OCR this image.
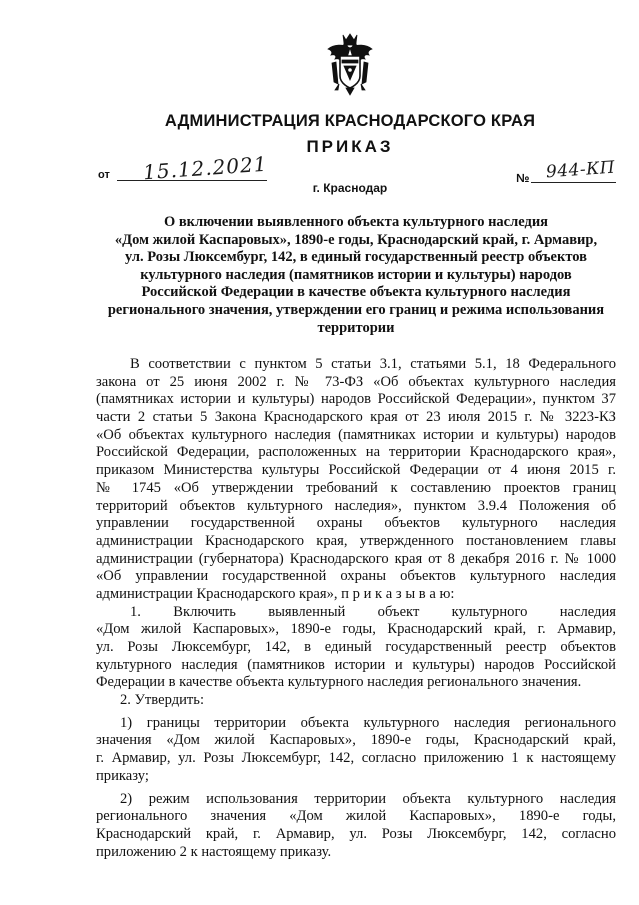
АДМИНИСТРАЦИЯ КРАСНОДАРСКОГО КРАЯ
ПРИКАЗ
от 15.12.2021	№ 944-КП
г. Краснодар
О включении выявленного объекта культурного наследия
«Дом жилой Каспаровых», 1890-е годы, Краснодарский край, г. Армавир,
ул. Розы Люксембург, 142, в единый государственный реестр объектов
культурного наследия (памятников истории и культуры) народов
Российской Федерации в качестве объекта культурного наследия
регионального значения, утверждении его границ и режима использования
территории
В соответствии с пунктом 5 статьи 3.1, статьями 5.1, 18 Федерального
закона от 25 июня 2002 г. № 73-ФЗ «Об объектах культурного наследия
(памятниках истории и культуры) народов Российской Федерации», пунктом 37
части 2 статьи 5 Закона Краснодарского края от 23 июля 2015 г. № 3223-КЗ
«Об объектах культурного наследия (памятниках истории и культуры) народов
Российской Федерации, расположенных на территории Краснодарского края»,
приказом Министерства культуры Российской Федерации от 4 июня 2015 г.
№ 1745 «Об утверждении требований к составлению проектов границ
территорий объектов культурного наследия», пунктом 3.9.4 Положения об
управлении государственной охраны объектов культурного наследия
администрации Краснодарского края, утвержденного постановлением главы
администрации (губернатора) Краснодарского края от 8 декабря 2016 г. № 1000
«Об управлении государственной охраны объектов культурного наследия
администрации Краснодарского края», п р и к а з ы в а ю:
1. Включить выявленный объект культурного наследия
«Дом жилой Каспаровых», 1890-е годы, Краснодарский край, г. Армавир,
ул. Розы Люксембург, 142, в единый государственный реестр объектов
культурного наследия (памятников истории и культуры) народов Российской
Федерации в качестве объекта культурного наследия регионального значения.
2. Утвердить:
1) границы территории объекта культурного наследия регионального
значения «Дом жилой Каспаровых», 1890-е годы, Краснодарский край,
г. Армавир, ул. Розы Люксембург, 142, согласно приложению 1 к настоящему
приказу;
2) режим использования территории объекта культурного наследия
регионального значения «Дом жилой Каспаровых», 1890-е годы,
Краснодарский край, г. Армавир, ул. Розы Люксембург, 142, согласно
приложению 2 к настоящему приказу.
